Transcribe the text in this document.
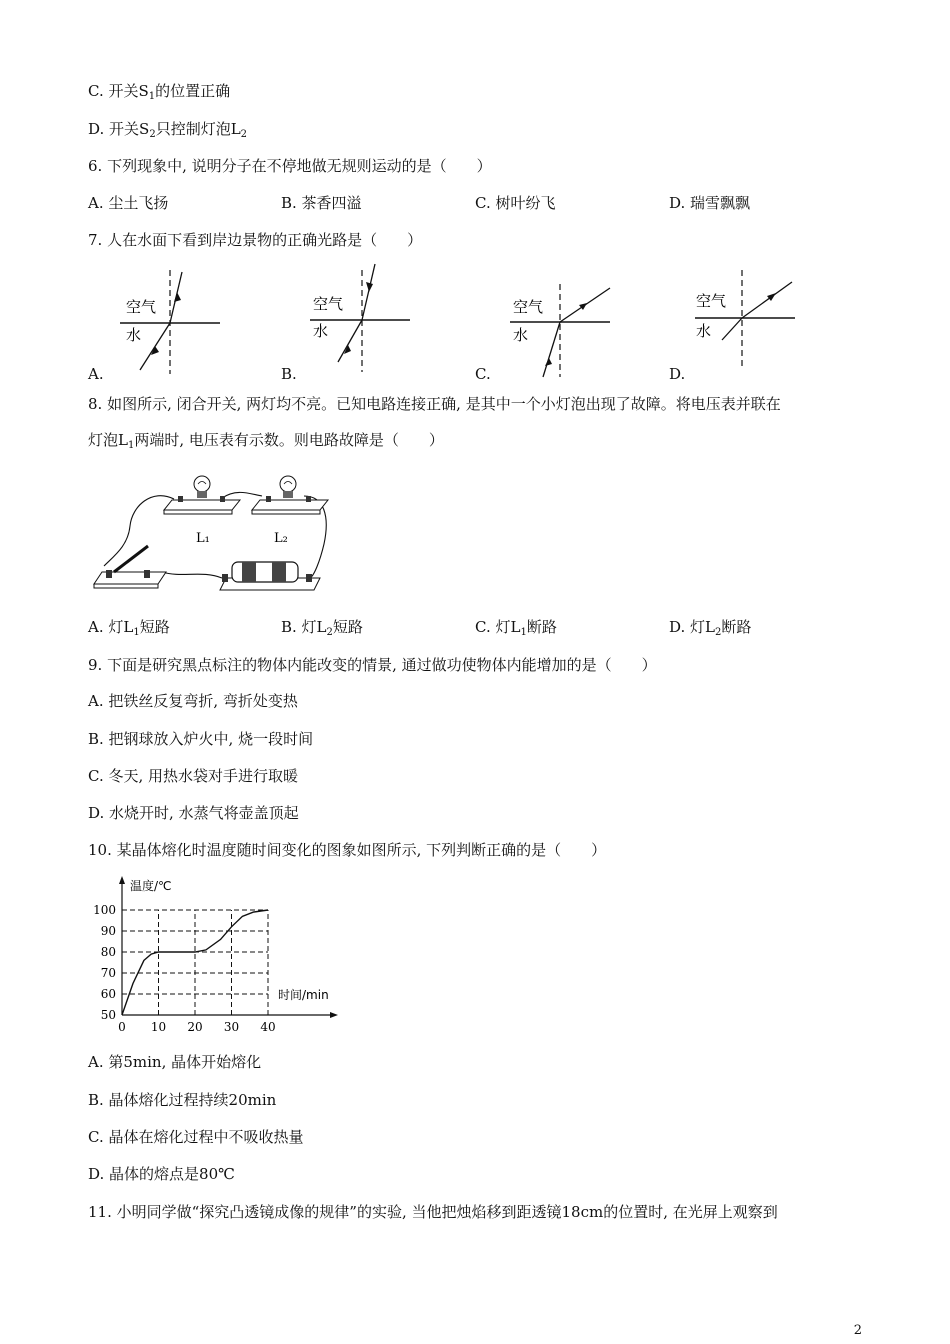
C. 开关$S_1$的位置正确
D. 开关$S_2$只控制灯泡$L_2$
6. 下列现象中, 说明分子在不停地做无规则运动的是（　　）
A. 尘土飞扬	B. 茶香四溢	C. 树叶纷飞	D. 瑞雪飘飘
7. 人在水面下看到岸边景物的正确光路是（　　）
空气
水
A.
空气
水
B.
空气
水
C.
空气
水
D.
8. 如图所示, 闭合开关, 两灯均不亮。已知电路连接正确, 是其中一个小灯泡出现了故障。将电压表并联在
灯泡$L_1$两端时, 电压表有示数。则电路故障是（　　）
L₁	L₂
A. 灯$L_1$短路	B. 灯$L_2$短路	C. 灯$L_1$断路	D. 灯$L_2$断路
9. 下面是研究黑点标注的物体内能改变的情景, 通过做功使物体内能增加的是（　　）
A. 把铁丝反复弯折, 弯折处变热
B. 把钢球放入炉火中, 烧一段时间
C. 冬天, 用热水袋对手进行取暖
D. 水烧开时, 水蒸气将壶盖顶起
10. 某晶体熔化时温度随时间变化的图象如图所示, 下列判断正确的是（　　）
0 10 20 30 40
50
60
70
80
90
100
温度/℃
时间/min
A. 第5min, 晶体开始熔化
B. 晶体熔化过程持续20min
C. 晶体在熔化过程中不吸收热量
D. 晶体的熔点是80℃
11. 小明同学做“探究凸透镜成像的规律”的实验, 当他把烛焰移到距透镜18cm的位置时, 在光屏上观察到
2
